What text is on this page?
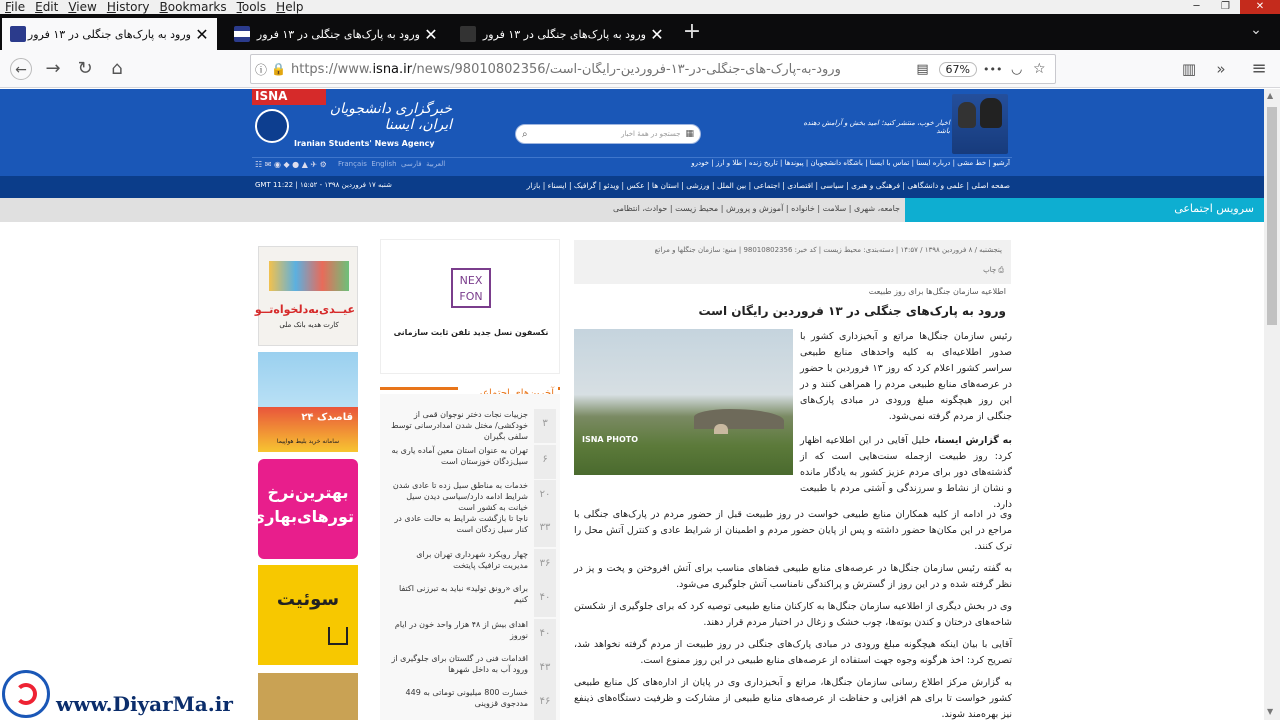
File Edit View History Bookmarks Tools Help	─	❐	✕
ورود به پارک‌های جنگلی در ۱۳ فرور ✕	ورود به پارک‌های جنگلی در ۱۳ فرور ✕	ورود به پارک‌های جنگلی در ۱۳ فرور ✕ +	⌄
← → ↻ ⌂	ⓘ 🔒 https://www.isna.ir/news/98010802356/ورود-به-پارک-های-جنگلی-در-۱۳-فروردین-رایگان-است	▤	67%	••• ◡ ☆	▥	»	≡
ISNA
خبرگزاری دانشجویان ایران، ایسنا
Iranian Students' News Agency
⌕	جستجو در همهٔ اخبار ▦
اخبار خوب، منتشر کنید؛ امید بخش و آرامش دهنده باشد
آرشیو | خط مشی | درباره ایسنا | تماس با ایسنا | باشگاه دانشجویان | پیوندها | تاریخ زنده | طلا و ارز | خودرو
☷ ✉ ◉ ◆ ● ▲ ✈ ⚙	Français English	العربیة  فارسی
صفحه اصلی | علمی و دانشگاهی | فرهنگی و هنری | سیاسی | اقتصادی | اجتماعی | بین الملل | ورزشی | استان ها | عکس | ویدئو | گرافیک | ایسناء | بازار
شنبه ۱۷ فروردین ۱۳۹۸ - ۱۵:۵۲ | GMT 11:22
جامعه، شهری | سلامت | خانواده | آموزش و پرورش | محیط زیست | حوادث، انتظامی	سرویس اجتماعی
پنجشنبه / ۸ فروردین ۱۳۹۸ / ۱۴:۵۷ | دسته‌بندی: محیط زیست | کد خبر: 98010802356 | منبع: سازمان جنگلها و مراتع
⎙ چاپ
اطلاعیه سازمان جنگل‌ها برای روز طبیعت
ورود به پارک‌های جنگلی در ۱۳ فروردین رایگان است
ISNA PHOTO

رئیس سازمان جنگل‌ها مراتع و آبخیزداری کشور با صدور اطلاعیه‌ای به کلیه واحدهای منابع طبیعی سراسر کشور اعلام کرد که روز ۱۳ فروردین با حضور در عرصه‌های منابع طبیعی مردم را همراهی کنند و در این روز هیچگونه مبلغ ورودی در مبادی پارک‌های جنگلی از مردم گرفته نمی‌شود.

به گزارش ایسنا، خلیل آقایی در این اطلاعیه اظهار کرد: روز طبیعت ازجمله سنت‌هایی است که از گذشته‌های دور برای مردم عزیز کشور به یادگار مانده و نشان از نشاط و سرزندگی و آشتی مردم با طبیعت دارد.

وی در ادامه از کلیه همکاران منابع طبیعی خواست در روز طبیعت قبل از حضور مردم در پارک‌های جنگلی با مراجع در این مکان‌ها حضور داشته و پس از پایان حضور مردم و اطمینان از شرایط عادی و کنترل آتش محل را ترک کنند.

به گفته رئیس سازمان جنگل‌ها در عرصه‌های منابع طبیعی فضاهای مناسب برای آتش افروختن و پخت و پز در نظر گرفته شده و در این روز از گسترش و پراکندگی نامناسب آتش جلوگیری می‌شود.

وی در بخش دیگری از اطلاعیه سازمان جنگل‌ها به کارکنان منابع طبیعی توصیه کرد که برای جلوگیری از شکستن شاخه‌های درختان و کندن بوته‌ها، چوب خشک و زغال در اختیار مردم قرار دهند.

آقایی با بیان اینکه هیچگونه مبلغ ورودی در مبادی پارک‌های جنگلی در روز طبیعت از مردم گرفته نخواهد شد، تصریح کرد: اخذ هرگونه وجوه جهت استفاده از عرصه‌های منابع طبیعی در این روز ممنوع است.

به گزارش مرکز اطلاع رسانی سازمان جنگل‌ها، مراتع و آبخیزداری وی در پایان از اداره‌های کل منابع طبیعی کشور خواست تا برای هم افزایی و حفاظت از عرصه‌های منابع طبیعی از مشارکت و ظرفیت دستگاه‌های ذینفع نیز بهره‌مند شوند.

NEX
FON
نکسفون نسل جدید تلفن ثابت سازمانی
۳
جزییات نجات دختر نوجوان قمی از خودکشی/ مختل شدن امدادرسانی توسط سلفی بگیران
۶
تهران به عنوان استان معین آماده یاری به سیل‌زدگان خوزستان است
۲۰
خدمات به مناطق سیل زده تا عادی شدن شرایط ادامه دارد/سیاسی دیدن سیل خیانت به کشور است
۳۳
ناجا تا بازگشت شرایط به حالت عادی در کنار سیل زدگان است
۳۶
چهار رویکرد شهرداری تهران برای مدیریت ترافیک پایتخت
۴۰
برای «رونق تولید» نباید به تبرزنی اکتفا کنیم
۴۰
اهدای بیش از ۴۸ هزار واحد خون در ایام نوروز
۴۳
اقدامات فنی در گلستان برای جلوگیری از ورود آب به داخل شهرها
۴۶
خسارت 800 میلیونی توماتی به 449 مددجوی قزوینی
عیــدی‌به‌دلخواه‌تــو
کارت هدیه بانک ملی
قاصدک ۲۴
سامانه خرید بلیط هواپیما
بهترین‌نرخ تورهای‌بهاری
سوئیت
▲
▼
www.DiyarMa.ir
